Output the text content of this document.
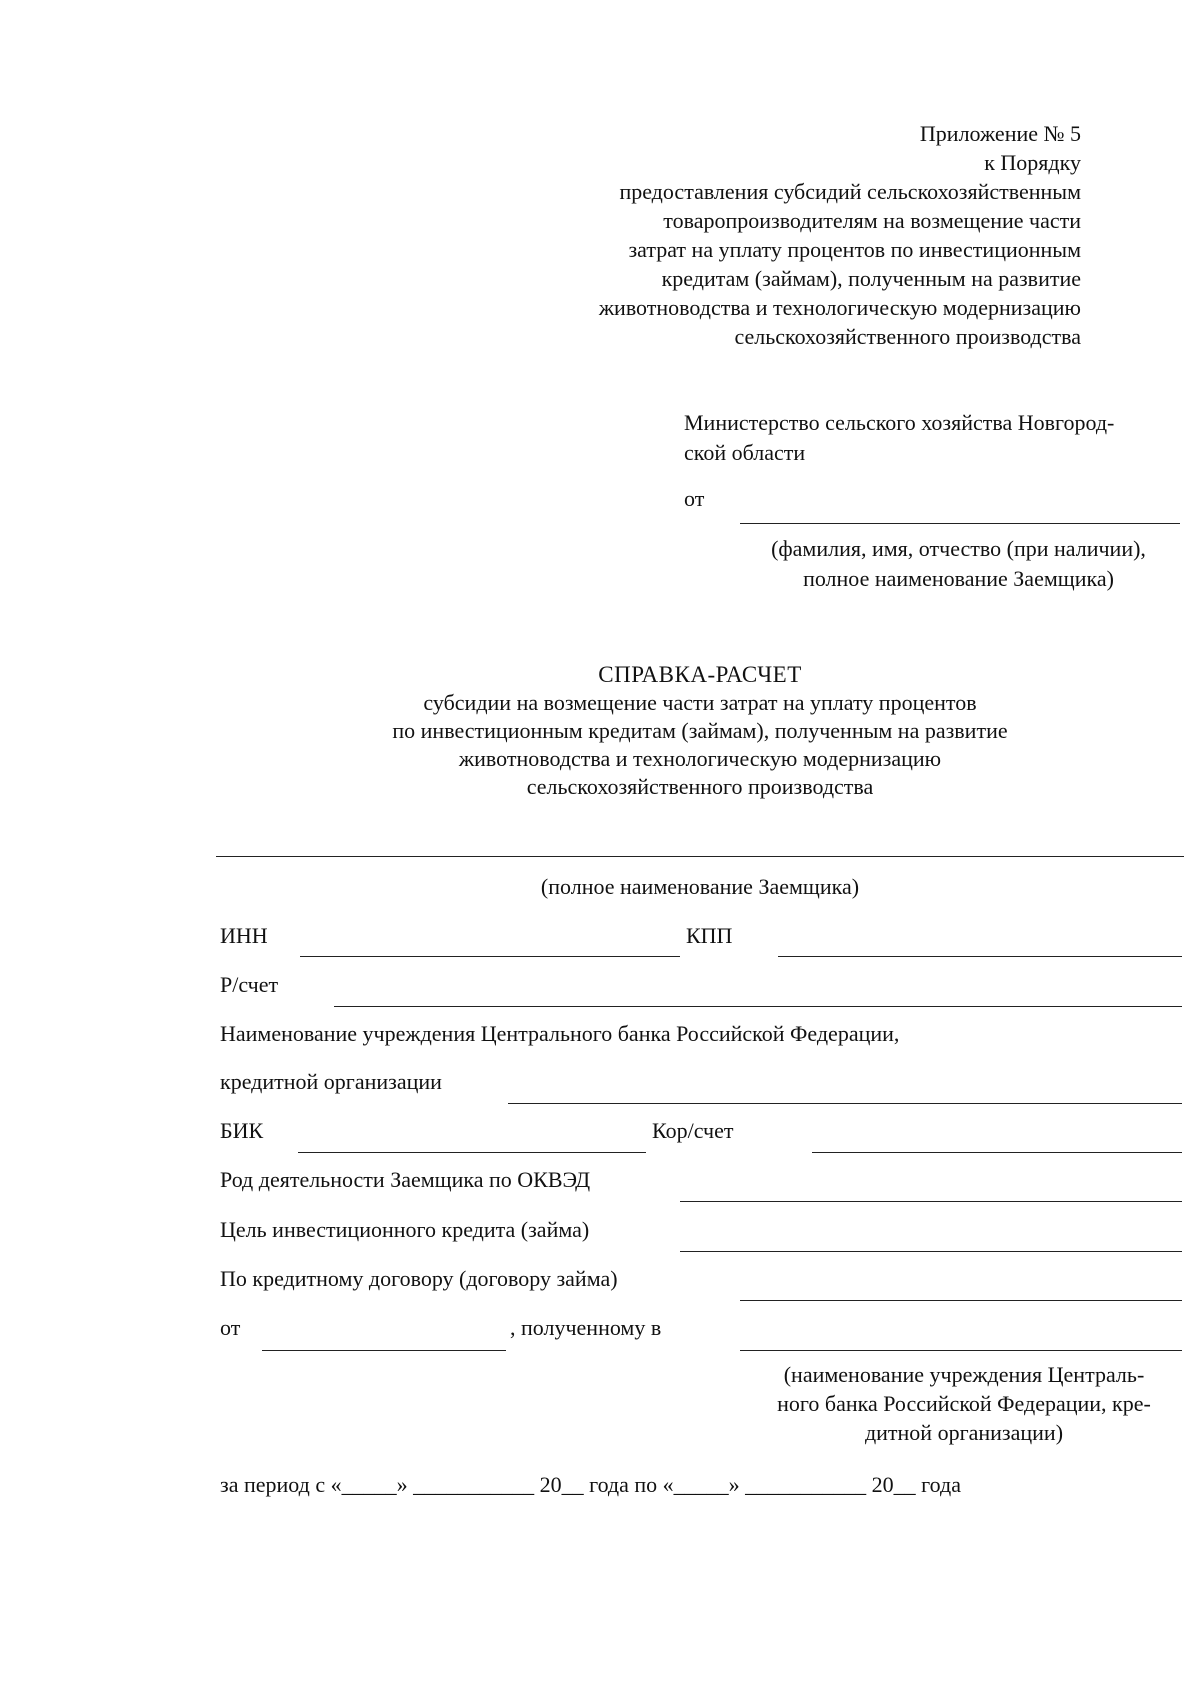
Приложение № 5
к Порядку
предоставления субсидий сельскохозяйственным
товаропроизводителям на возмещение части
затрат на уплату процентов по инвестиционным
кредитам (займам), полученным на развитие
животноводства и технологическую модернизацию
сельскохозяйственного производства
Министерство сельского хозяйства Новгород-
ской области
от
(фамилия, имя, отчество (при наличии),
полное наименование Заемщика)
СПРАВКА-РАСЧЕТ
субсидии на возмещение части затрат на уплату процентов
по инвестиционным кредитам (займам), полученным на развитие
животноводства и технологическую модернизацию
сельскохозяйственного производства
(полное наименование Заемщика)
ИНН	КПП
Р/счет
Наименование учреждения Центрального банка Российской Федерации,
кредитной организации
БИК	Кор/счет
Род деятельности Заемщика по ОКВЭД
Цель инвестиционного кредита (займа)
По кредитному договору (договору займа)
от	, полученному в
(наименование учреждения Централь-
ного банка Российской Федерации, кре-
дитной организации)
за период с «_____» ___________ 20__ года по «_____» ___________ 20__ года
